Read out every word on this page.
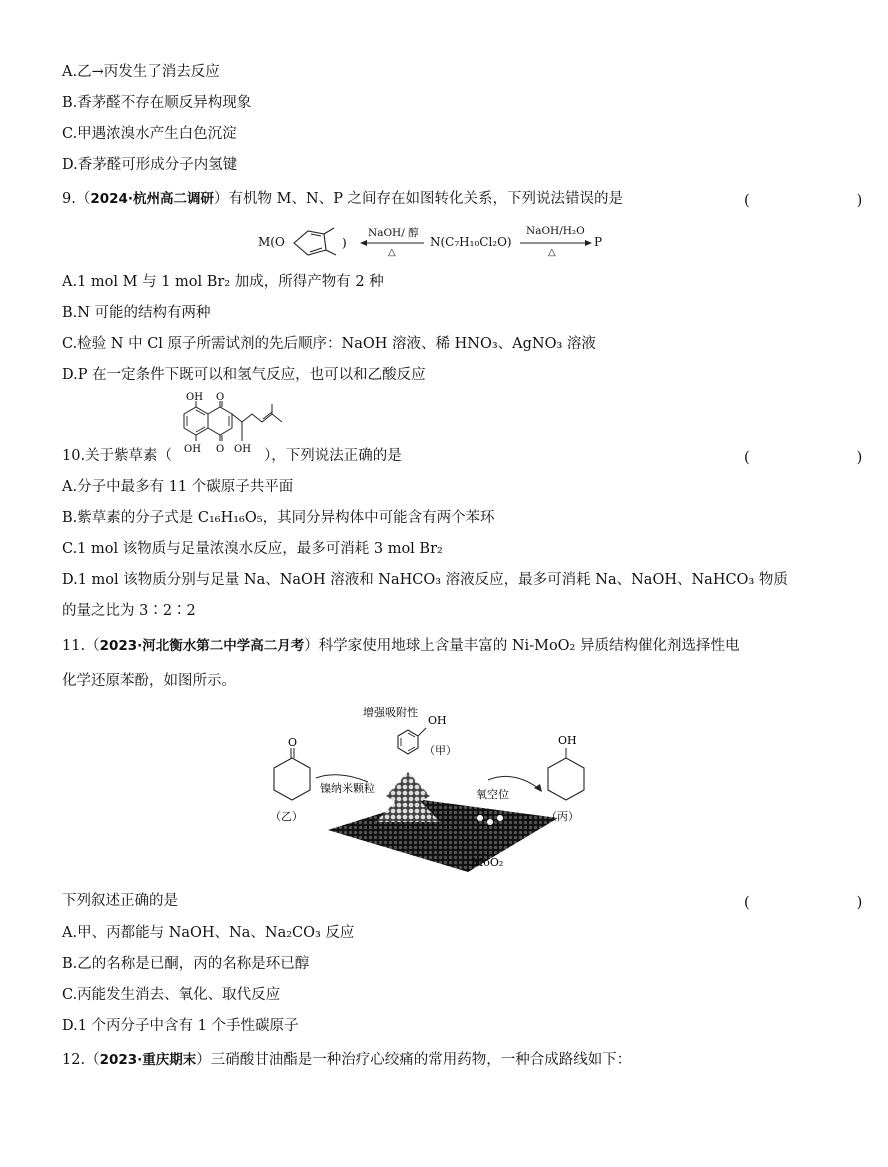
A.乙→丙发生了消去反应
B.香茅醛不存在顺反异构现象
C.甲遇浓溴水产生白色沉淀
D.香茅醛可形成分子内氢键
9.（2024·杭州高二调研）有机物 M、N、P 之间存在如图转化关系，下列说法错误的是	(　　)
M(O	)
NaOH/ 醇
△
N(C₇H₁₀Cl₂O)
NaOH/H₂O
△
P
A.1 mol M 与 1 mol Br₂ 加成，所得产物有 2 种
B.N 可能的结构有两种
C.检验 N 中 Cl 原子所需试剂的先后顺序：NaOH 溶液、稀 HNO₃、AgNO₃ 溶液
D.P 在一定条件下既可以和氢气反应，也可以和乙酸反应
OH O
OH O OH
10.关于紫草素（	），下列说法正确的是	(　　)
A.分子中最多有 11 个碳原子共平面
B.紫草素的分子式是 C₁₆H₁₆O₅，其同分异构体中可能含有两个苯环
C.1 mol 该物质与足量浓溴水反应，最多可消耗 3 mol Br₂
D.1 mol 该物质分别与足量 Na、NaOH 溶液和 NaHCO₃ 溶液反应，最多可消耗 Na、NaOH、NaHCO₃ 物质
的量之比为 3∶2∶2
11.（2023·河北衡水第二中学高二月考）科学家使用地球上含量丰富的 Ni-MoO₂ 异质结构催化剂选择性电
化学还原苯酚，如图所示。
OH
增强吸附性
（甲）
O
（乙）
镍纳米颗粒	氧空位
OH
（丙）
MoO₂
下列叙述正确的是	(　　)
A.甲、丙都能与 NaOH、Na、Na₂CO₃ 反应
B.乙的名称是已酮，丙的名称是环已醇
C.丙能发生消去、氧化、取代反应
D.1 个丙分子中含有 1 个手性碳原子
12.（2023·重庆期末）三硝酸甘油酯是一种治疗心绞痛的常用药物，一种合成路线如下：
